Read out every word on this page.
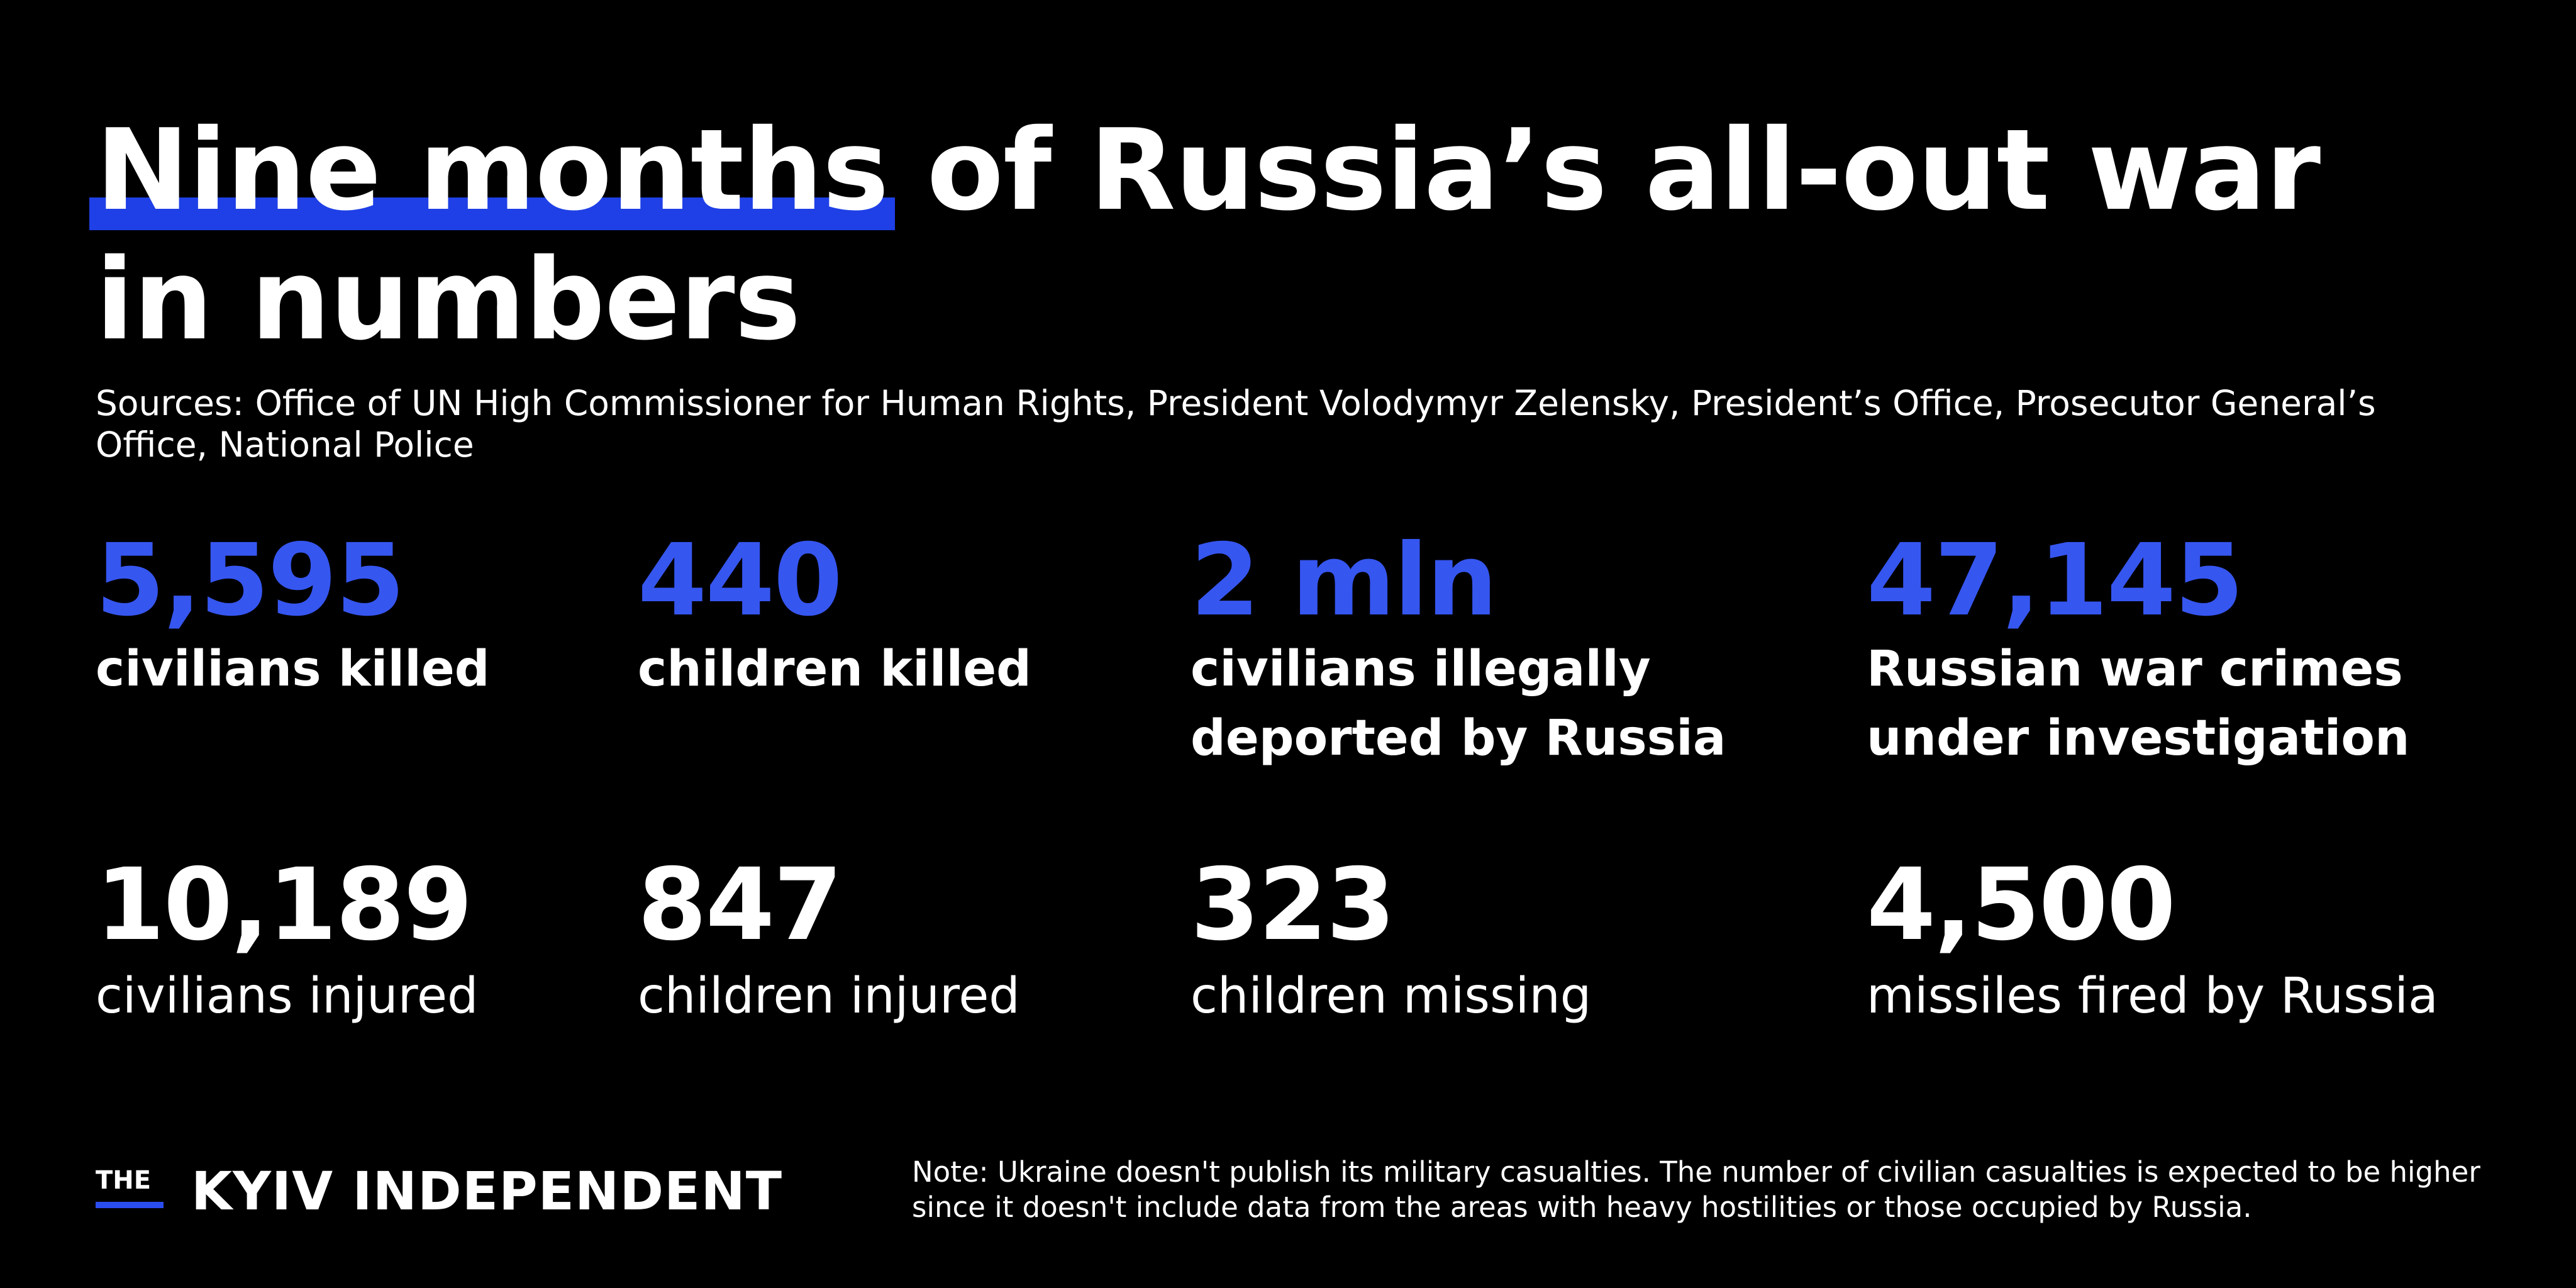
Nine months of Russia’s all-out war in numbers

Sources: Office of UN High Commissioner for Human Rights, President Volodymyr Zelensky, President’s Office, Prosecutor General’s Office, National Police

5,595
civilians killed
440
children killed
2 mln
civilians illegally
deported by Russia
47,145
Russian war crimes
under investigation
10,189
civilians injured
847
children injured
323
children missing
4,500
missiles fired by Russia
THE KYIV INDEPENDENT	Note: Ukraine doesn't publish its military casualties. The number of civilian casualties is expected to be higher since it doesn't include data from the areas with heavy hostilities or those occupied by Russia.
